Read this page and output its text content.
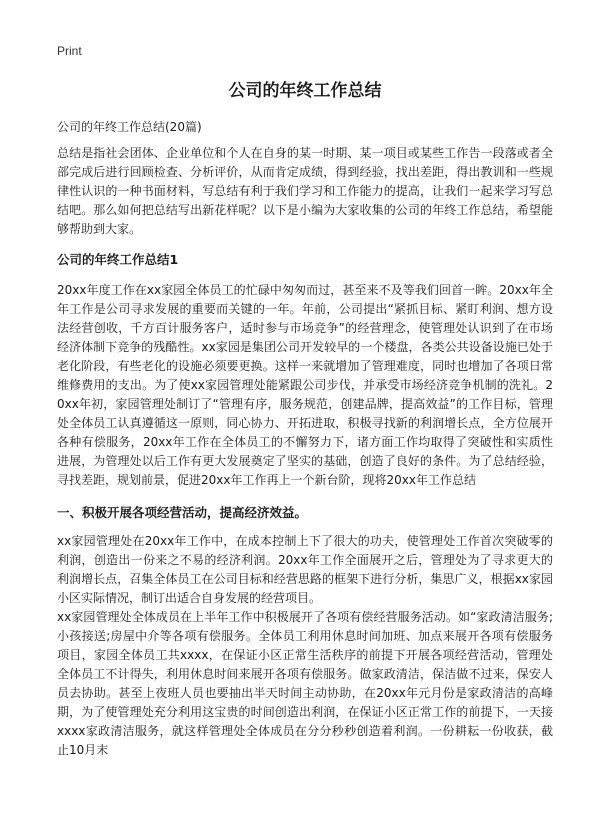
Print
公司的年终工作总结

公司的年终工作总结(20篇)

总结是指社会团体、企业单位和个人在自身的某一时期、某一项目或某些工作告一段落或者全部完成后进行回顾检查、分析评价，从而肯定成绩，得到经验，找出差距，得出教训和一些规律性认识的一种书面材料，写总结有利于我们学习和工作能力的提高，让我们一起来学习写总结吧。那么如何把总结写出新花样呢？以下是小编为大家收集的公司的年终工作总结，希望能够帮助到大家。

公司的年终工作总结1

20xx年度工作在xx家园全体员工的忙碌中匆匆而过，甚至来不及等我们回首一眸。20xx年全年工作是公司寻求发展的重要而关键的一年。年前，公司提出“紧抓目标、紧盯利润、想方设法经营创收，千方百计服务客户，适时参与市场竞争”的经营理念，使管理处认识到了在市场经济体制下竞争的残酷性。xx家园是集团公司开发较早的一个楼盘，各类公共设备设施已处于老化阶段，有些老化的设施必须要更换。这样一来就增加了管理难度，同时也增加了各项日常维修费用的支出。为了使xx家园管理处能紧跟公司步伐，并承受市场经济竞争机制的洗礼。20xx年初，家园管理处制订了“管理有序，服务规范，创建品牌，提高效益”的工作目标，管理处全体员工认真遵循这一原则，同心协力、开拓进取，积极寻找新的利润增长点，全方位展开各种有偿服务，20xx年工作在全体员工的不懈努力下，诸方面工作均取得了突破性和实质性进展，为管理处以后工作有更大发展奠定了坚实的基础，创造了良好的条件。为了总结经验，寻找差距，规划前景，促进20xx年工作再上一个新台阶，现将20xx年工作总结

一、积极开展各项经营活动，提高经济效益。

xx家园管理处在20xx年工作中，在成本控制上下了很大的功夫，使管理处工作首次突破零的利润，创造出一份来之不易的经济利润。20xx年工作全面展开之后，管理处为了寻求更大的利润增长点，召集全体员工在公司目标和经营思路的框架下进行分析，集思广义，根据xx家园小区实际情况，制订出适合自身发展的经营项目。

xx家园管理处全体成员在上半年工作中积极展开了各项有偿经营服务活动。如“家政清洁服务;小孩接送;房屋中介等各项有偿服务。全体员工利用休息时间加班、加点来展开各项有偿服务项目，家园全体员工共xxxx，在保证小区正常生活秩序的前提下开展各项经营活动，管理处全体员工不计得失，利用休息时间来展开各项有偿服务。做家政清洁，保洁做不过来，保安人员去协助。甚至上夜班人员也要抽出半天时间主动协助，在20xx年元月份是家政清洁的高峰期，为了使管理处充分利用这宝贵的时间创造出利润，在保证小区正常工作的前提下，一天接xxxx家政清洁服务，就这样管理处全体成员在分分秒秒创造着利润。一份耕耘一份收获，截止10月末
